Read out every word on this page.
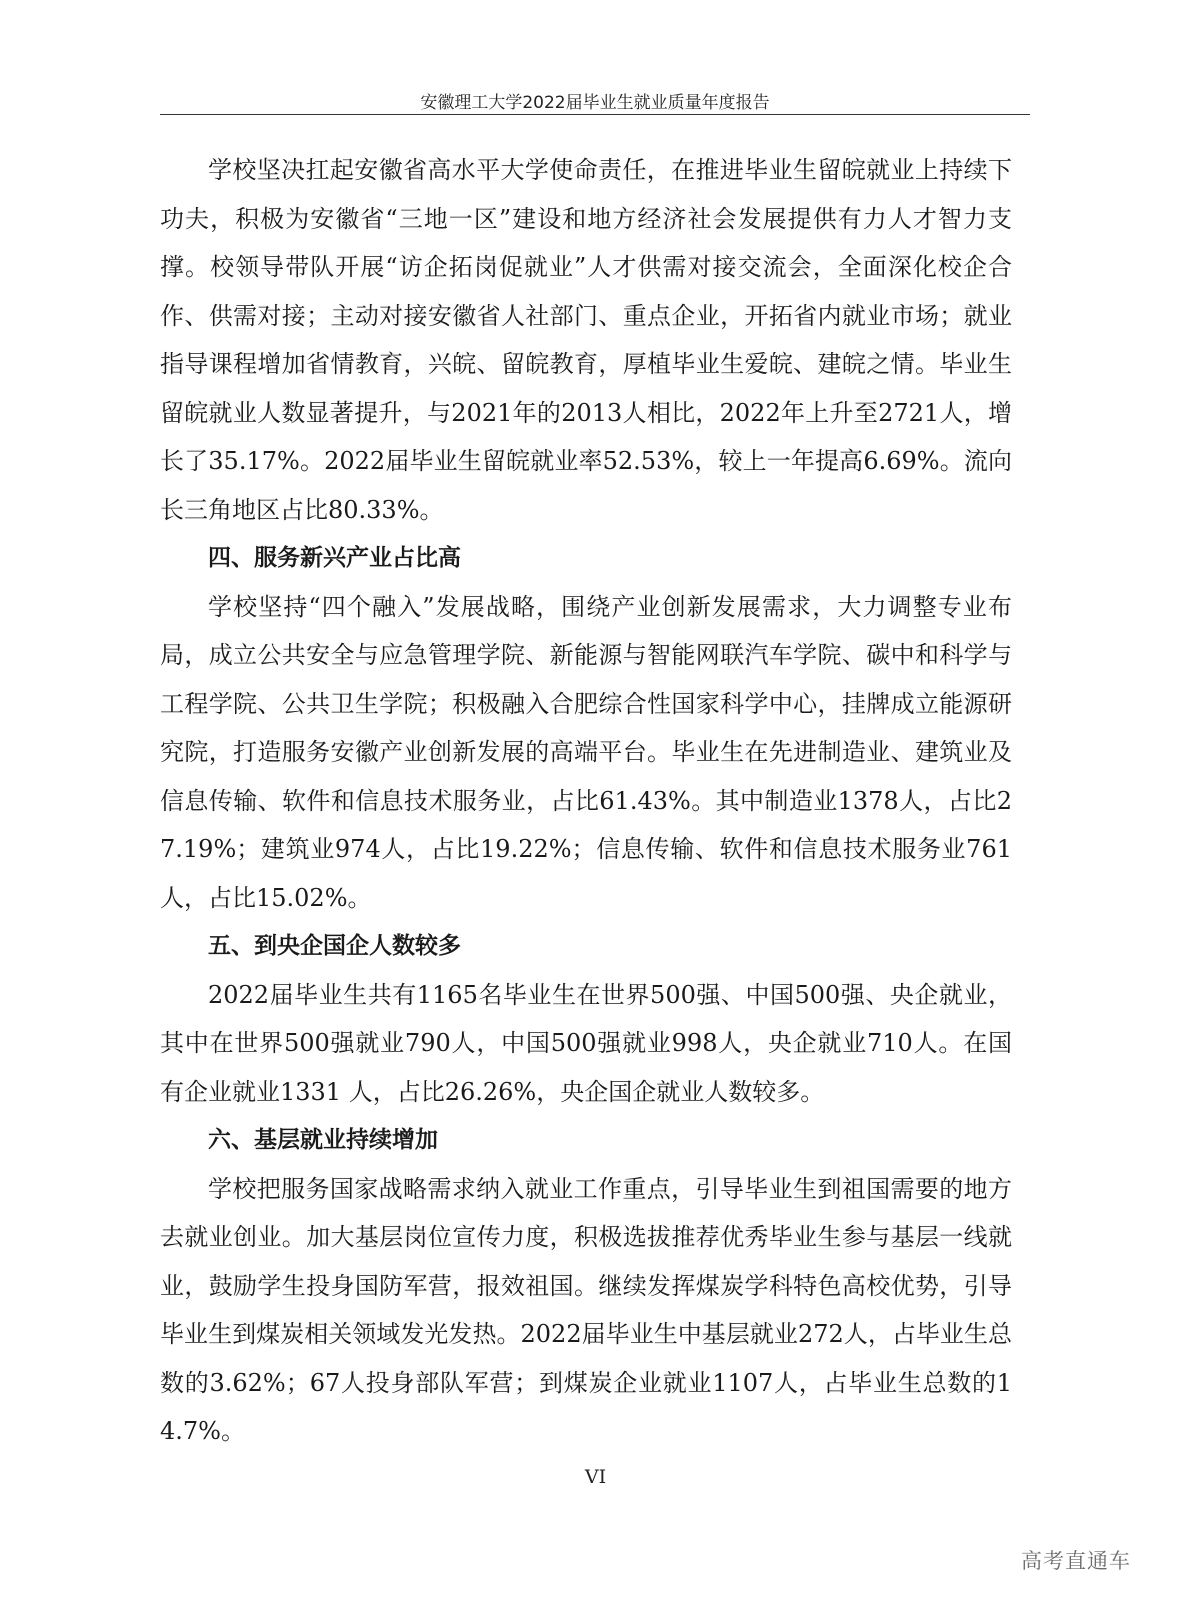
安徽理工大学2022届毕业生就业质量年度报告

学校坚决扛起安徽省高水平大学使命责任，在推进毕业生留皖就业上持续下功夫，积极为安徽省“三地一区”建设和地方经济社会发展提供有力人才智力支撑。校领导带队开展“访企拓岗促就业”人才供需对接交流会，全面深化校企合作、供需对接；主动对接安徽省人社部门、重点企业，开拓省内就业市场；就业指导课程增加省情教育，兴皖、留皖教育，厚植毕业生爱皖、建皖之情。毕业生留皖就业人数显著提升，与2021年的2013人相比，2022年上升至2721人，增长了35.17%。2022届毕业生留皖就业率52.53%，较上一年提高6.69%。流向长三角地区占比80.33%。

四、服务新兴产业占比高

学校坚持“四个融入”发展战略，围绕产业创新发展需求，大力调整专业布局，成立公共安全与应急管理学院、新能源与智能网联汽车学院、碳中和科学与工程学院、公共卫生学院；积极融入合肥综合性国家科学中心，挂牌成立能源研究院，打造服务安徽产业创新发展的高端平台。毕业生在先进制造业、建筑业及信息传输、软件和信息技术服务业，占比61.43%。其中制造业1378人，占比27.19%；建筑业974人，占比19.22%；信息传输、软件和信息技术服务业761人，占比15.02%。

五、到央企国企人数较多

2022届毕业生共有1165名毕业生在世界500强、中国500强、央企就业，其中在世界500强就业790人，中国500强就业998人，央企就业710人。在国有企业就业1331 人，占比26.26%，央企国企就业人数较多。

六、基层就业持续增加

学校把服务国家战略需求纳入就业工作重点，引导毕业生到祖国需要的地方去就业创业。加大基层岗位宣传力度，积极选拔推荐优秀毕业生参与基层一线就业，鼓励学生投身国防军营，报效祖国。继续发挥煤炭学科特色高校优势，引导毕业生到煤炭相关领域发光发热。2022届毕业生中基层就业272人，占毕业生总数的3.62%；67人投身部队军营；到煤炭企业就业1107人，占毕业生总数的14.7%。

VI
高考直通车
